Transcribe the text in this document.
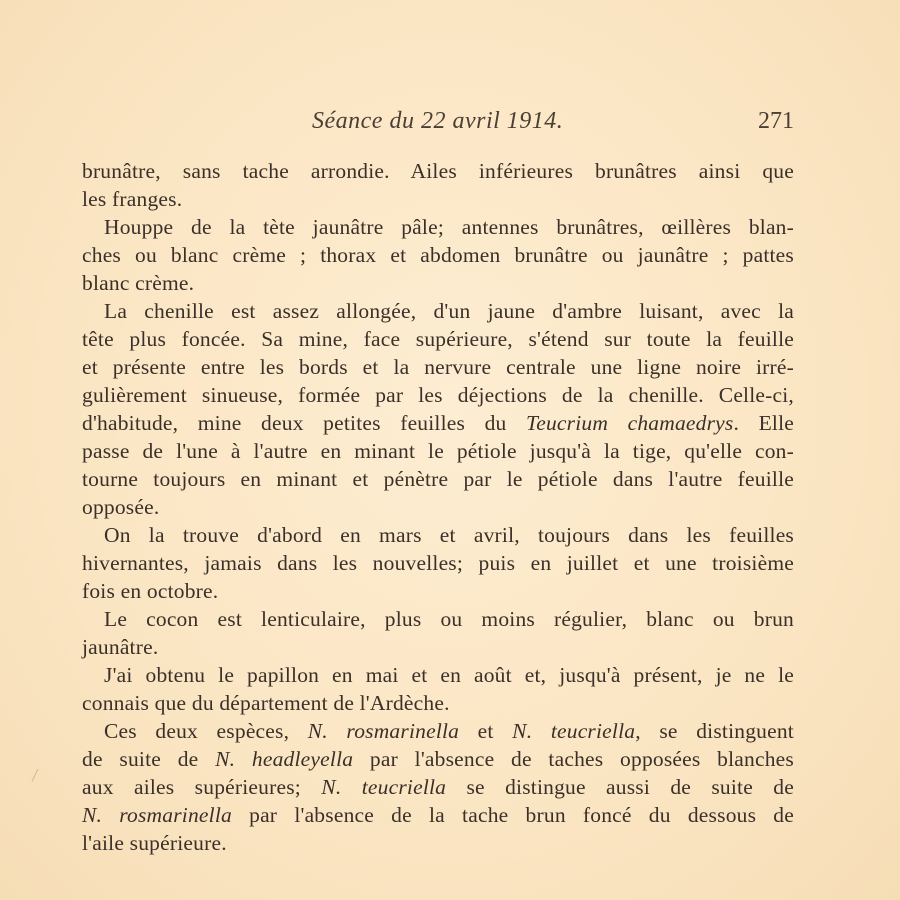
Séance du 22 avril 1914.	271

brunâtre, sans tache arrondie. Ailes inférieures brunâtres ainsi que
les franges.

Houppe de la tète jaunâtre pâle; antennes brunâtres, œillères blan-
ches ou blanc crème ; thorax et abdomen brunâtre ou jaunâtre ; pattes
blanc crème.

La chenille est assez allongée, d'un jaune d'ambre luisant, avec la
tête plus foncée. Sa mine, face supérieure, s'étend sur toute la feuille
et présente entre les bords et la nervure centrale une ligne noire irré-
gulièrement sinueuse, formée par les déjections de la chenille. Celle-ci,
d'habitude, mine deux petites feuilles du Teucrium chamaedrys. Elle
passe de l'une à l'autre en minant le pétiole jusqu'à la tige, qu'elle con-
tourne toujours en minant et pénètre par le pétiole dans l'autre feuille
opposée.

On la trouve d'abord en mars et avril, toujours dans les feuilles
hivernantes, jamais dans les nouvelles; puis en juillet et une troisième
fois en octobre.

Le cocon est lenticulaire, plus ou moins régulier, blanc ou brun
jaunâtre.

J'ai obtenu le papillon en mai et en août et, jusqu'à présent, je ne le
connais que du département de l'Ardèche.

Ces deux espèces, N. rosmarinella et N. teucriella, se distinguent
de suite de N. headleyella par l'absence de taches opposées blanches
aux ailes supérieures; N. teucriella se distingue aussi de suite de
N. rosmarinella par l'absence de la tache brun foncé du dessous de
l'aile supérieure.
